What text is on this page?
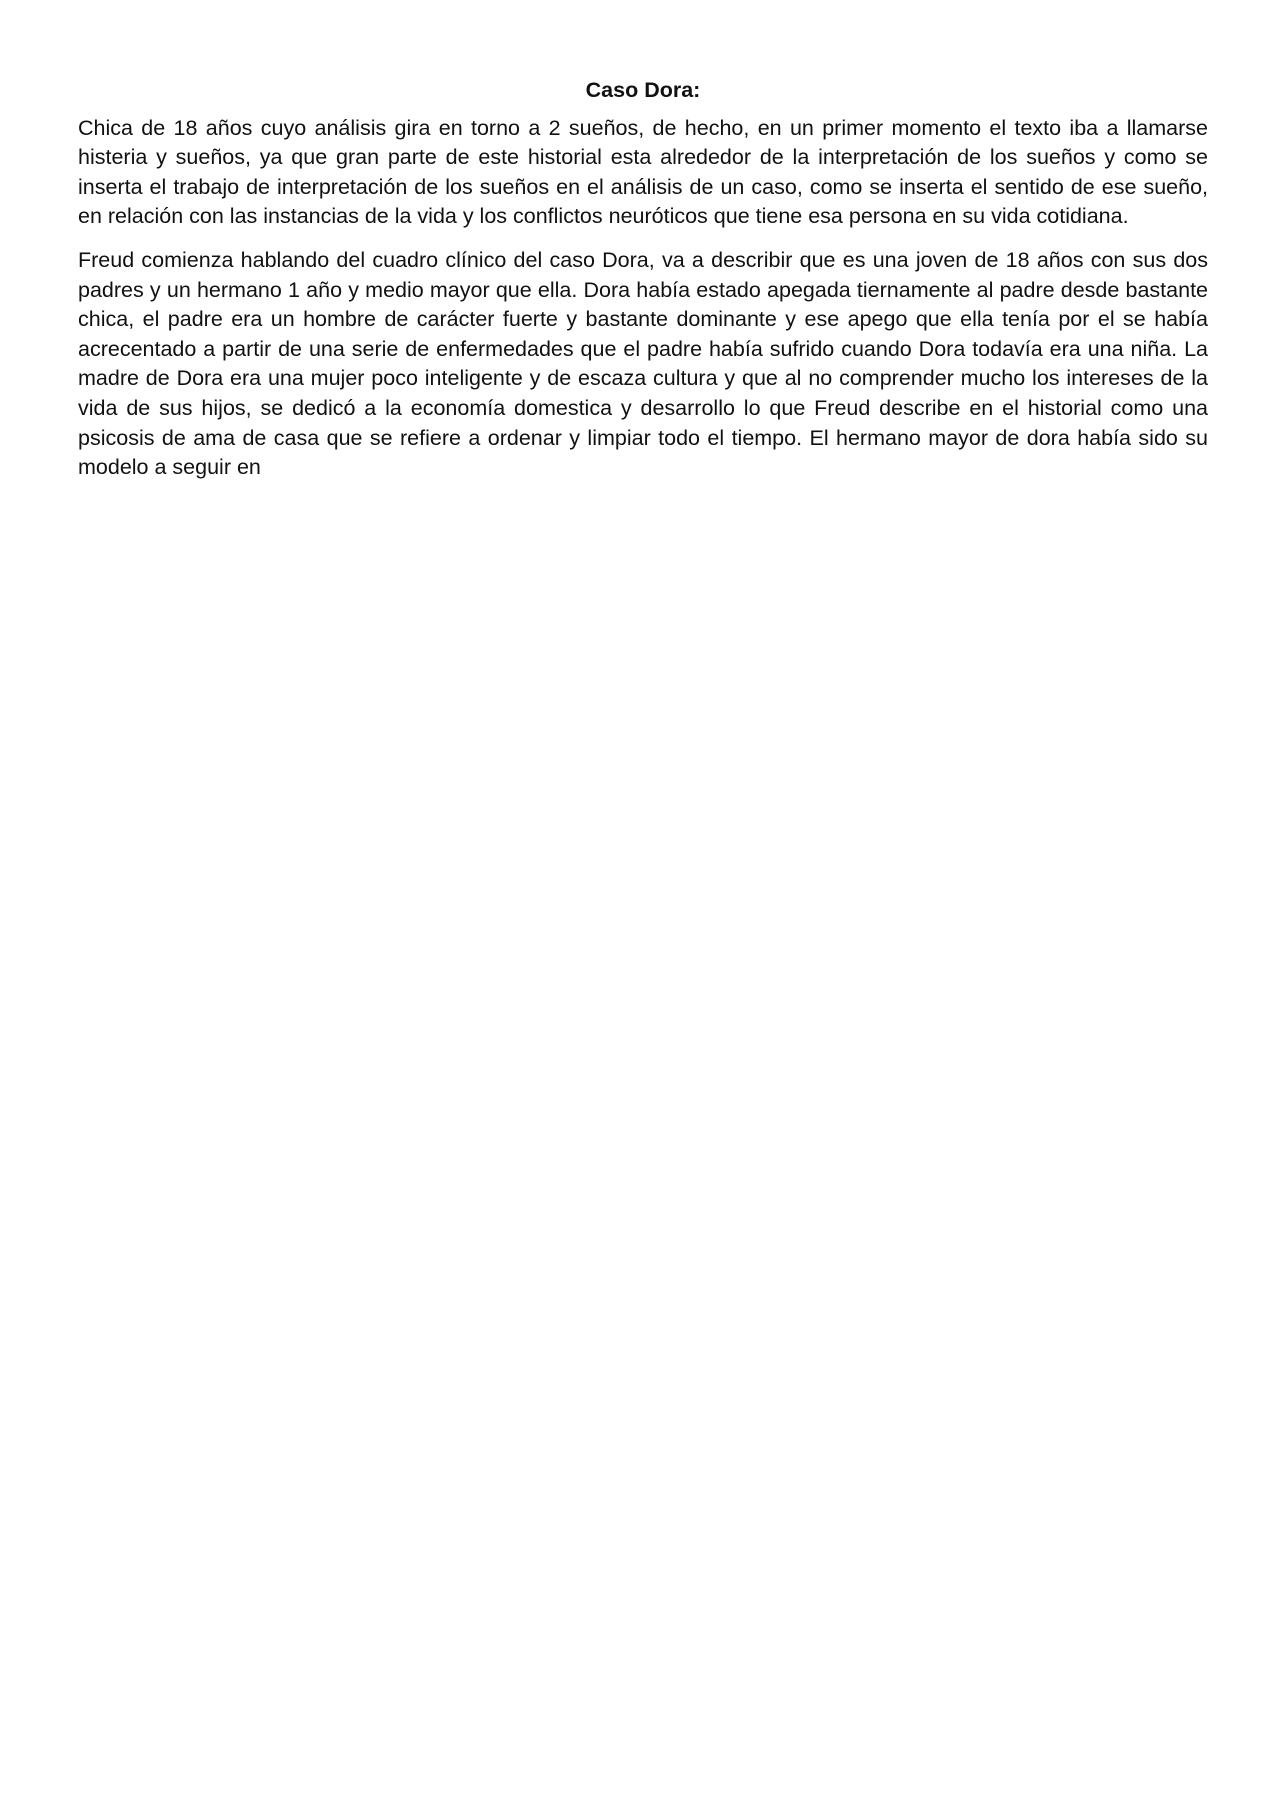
Caso Dora:

Chica de 18 años cuyo análisis gira en torno a 2 sueños, de hecho, en un primer momento el texto iba a llamarse histeria y sueños, ya que gran parte de este historial esta alrededor de la interpretación de los sueños y como se inserta el trabajo de interpretación de los sueños en el análisis de un caso, como se inserta el sentido de ese sueño, en relación con las instancias de la vida y los conflictos neuróticos que tiene esa persona en su vida cotidiana.

Freud comienza hablando del cuadro clínico del caso Dora, va a describir que es una joven de 18 años con sus dos padres y un hermano 1 año y medio mayor que ella. Dora había estado apegada tiernamente al padre desde bastante chica, el padre era un hombre de carácter fuerte y bastante dominante y ese apego que ella tenía por el se había acrecentado a partir de una serie de enfermedades que el padre había sufrido cuando Dora todavía era una niña. La madre de Dora era una mujer poco inteligente y de escaza cultura y que al no comprender mucho los intereses de la vida de sus hijos, se dedicó a la economía domestica y desarrollo lo que Freud describe en el historial como una psicosis de ama de casa que se refiere a ordenar y limpiar todo el tiempo. El hermano mayor de dora había sido su modelo a seguir en
